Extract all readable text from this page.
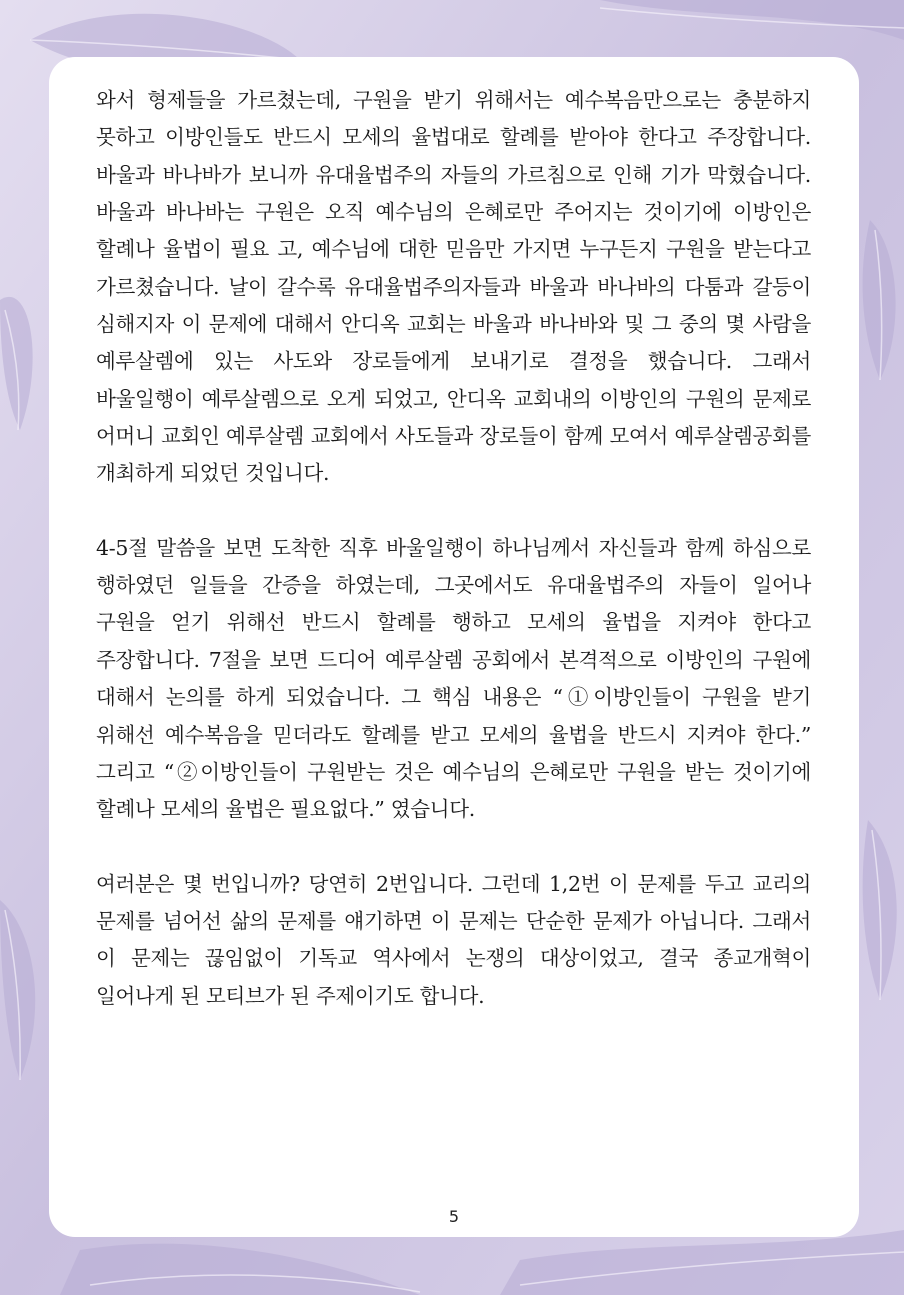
와서 형제들을 가르쳤는데, 구원을 받기 위해서는 예수복음만으로는 충분하지 못하고 이방인들도 반드시 모세의 율법대로 할례를 받아야 한다고 주장합니다. 바울과 바나바가 보니까 유대율법주의 자들의 가르침으로 인해 기가 막혔습니다. 바울과 바나바는 구원은 오직 예수님의 은혜로만 주어지는 것이기에 이방인은 할례나 율법이 필요 고, 예수님에 대한 믿음만 가지면 누구든지 구원을 받는다고 가르쳤습니다. 날이 갈수록 유대율법주의자들과 바울과 바나바의 다툼과 갈등이 심해지자 이 문제에 대해서 안디옥 교회는 바울과 바나바와 및 그 중의 몇 사람을 예루살렘에 있는 사도와 장로들에게 보내기로 결정을 했습니다. 그래서 바울일행이 예루살렘으로 오게 되었고, 안디옥 교회내의 이방인의 구원의 문제로 어머니 교회인 예루살렘 교회에서 사도들과 장로들이 함께 모여서 예루살렘공회를 개최하게 되었던 것입니다.

4-5절 말씀을 보면 도착한 직후 바울일행이 하나님께서 자신들과 함께 하심으로 행하였던 일들을 간증을 하였는데, 그곳에서도 유대율법주의 자들이 일어나 구원을 얻기 위해선 반드시 할례를 행하고 모세의 율법을 지켜야 한다고 주장합니다. 7절을 보면 드디어 예루살렘 공회에서 본격적으로 이방인의 구원에 대해서 논의를 하게 되었습니다. 그 핵심 내용은 “①이방인들이 구원을 받기 위해선 예수복음을 믿더라도 할례를 받고 모세의 율법을 반드시 지켜야 한다.” 그리고 “②이방인들이 구원받는 것은 예수님의 은혜로만 구원을 받는 것이기에 할례나 모세의 율법은 필요없다.” 였습니다.

여러분은 몇 번입니까? 당연히 2번입니다. 그런데 1,2번 이 문제를 두고 교리의 문제를 넘어선 삶의 문제를 얘기하면 이 문제는 단순한 문제가 아닙니다. 그래서 이 문제는 끊임없이 기독교 역사에서 논쟁의 대상이었고, 결국 종교개혁이 일어나게 된 모티브가 된 주제이기도 합니다.

5
